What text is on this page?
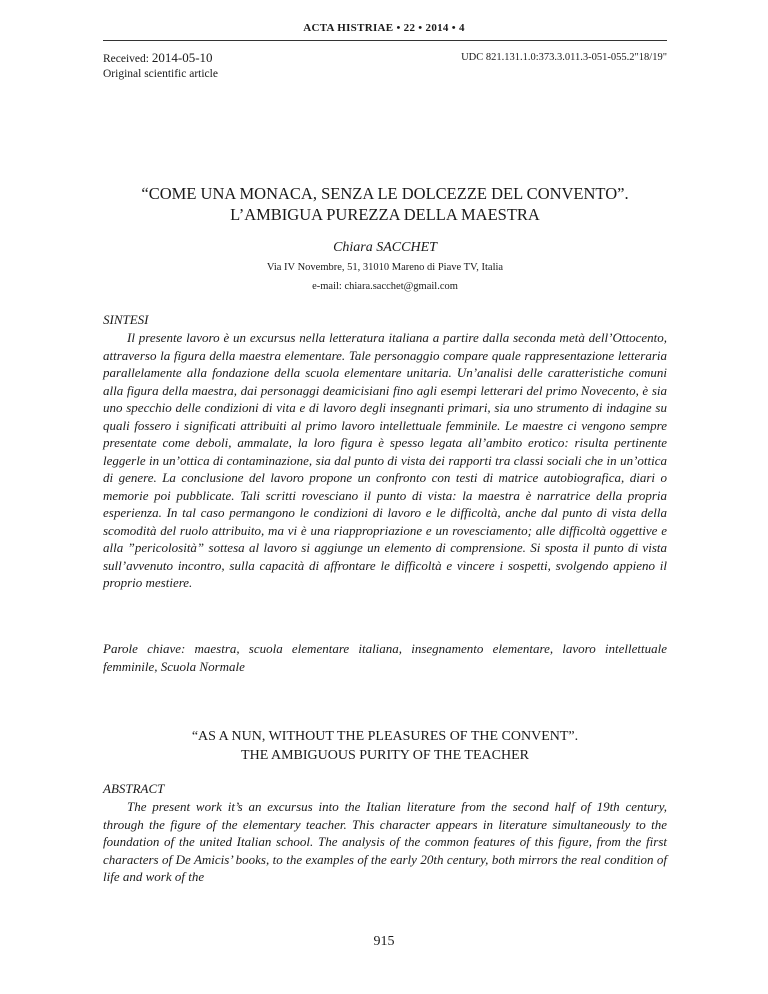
ACTA HISTRIAE • 22 • 2014 • 4
Received: 2014-05-10
Original scientific article
UDC 821.131.1.0:373.3.011.3-051-055.2"18/19"
“COME UNA MONACA, SENZA LE DOLCEZZE DEL CONVENTO”.
L’AMBIGUA PUREZZA DELLA MAESTRA
Chiara SACCHET
Via IV Novembre, 51, 31010 Mareno di Piave TV, Italia
e-mail: chiara.sacchet@gmail.com
SINTESI

Il presente lavoro è un excursus nella letteratura italiana a partire dalla seconda metà dell’Ottocento, attraverso la figura della maestra elementare. Tale personaggio compare quale rappresentazione letteraria parallelamente alla fondazione della scuola elementare unitaria. Un’analisi delle caratteristiche comuni alla figura della maestra, dai personaggi deamicisiani fino agli esempi letterari del primo Novecento, è sia uno specchio delle condizioni di vita e di lavoro degli insegnanti primari, sia uno strumento di indagine su quali fossero i significati attribuiti al primo lavoro intellettuale femminile. Le maestre ci vengono sempre presentate come deboli, ammalate, la loro figura è spesso legata all’ambito erotico: risulta pertinente leggerle in un’ottica di contaminazione, sia dal punto di vista dei rapporti tra classi sociali che in un’ottica di genere. La conclusione del lavoro propone un confronto con testi di matrice autobiografica, diari o memorie poi pubblicate. Tali scritti rovesciano il punto di vista: la maestra è narratrice della propria esperienza. In tal caso permangono le condizioni di lavoro e le difficoltà, anche dal punto di vista della scomodità del ruolo attribuito, ma vi è una riappropriazione e un rovesciamento; alle difficoltà oggettive e alla ”pericolosità” sottesa al lavoro si aggiunge un elemento di comprensione. Si sposta il punto di vista sull’avvenuto incontro, sulla capacità di affrontare le difficoltà e vincere i sospetti, svolgendo appieno il proprio mestiere.

Parole chiave: maestra, scuola elementare italiana, insegnamento elementare, lavoro intellettuale femminile, Scuola Normale
“AS A NUN, WITHOUT THE PLEASURES OF THE CONVENT”.
THE AMBIGUOUS PURITY OF THE TEACHER
ABSTRACT

The present work it’s an excursus into the Italian literature from the second half of 19th century, through the figure of the elementary teacher. This character appears in literature simultaneously to the foundation of the united Italian school. The analysis of the common features of this figure, from the first characters of De Amicis’ books, to the examples of the early 20th century, both mirrors the real condition of life and work of the

915
